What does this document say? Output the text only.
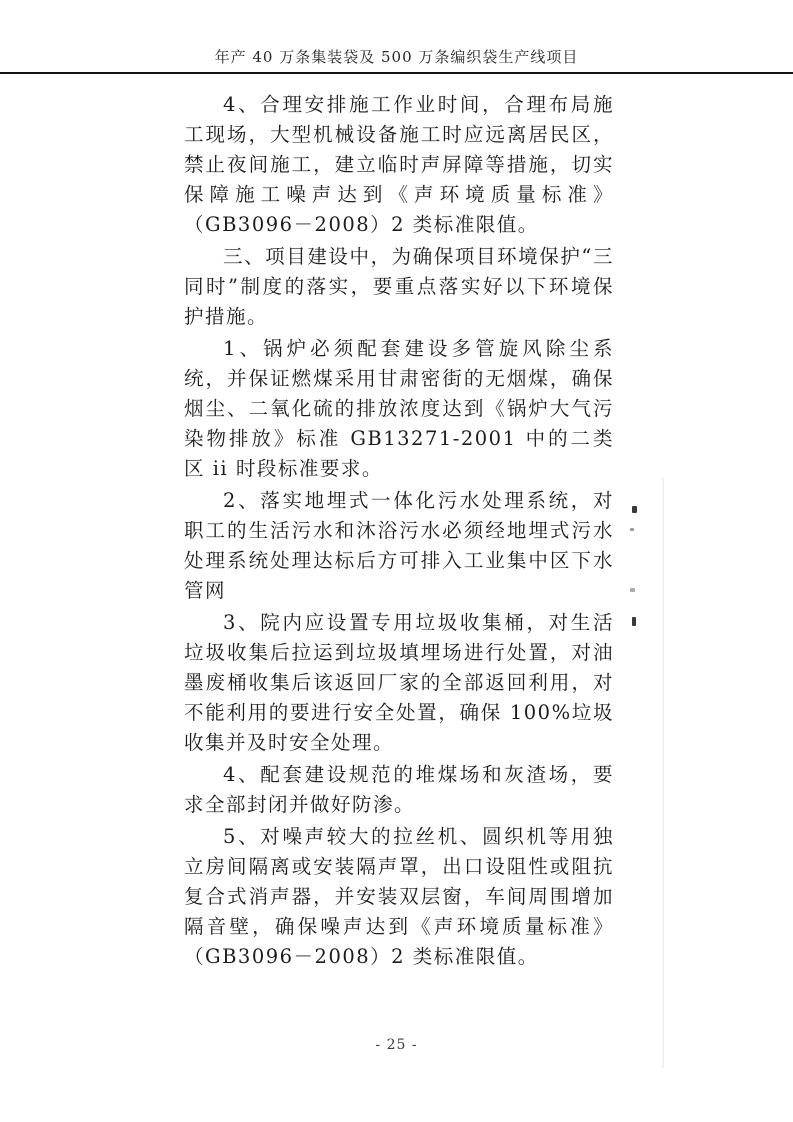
年产 40 万条集装袋及 500 万条编织袋生产线项目

4、合理安排施工作业时间，合理布局施工现场，大型机械设备施工时应远离居民区，禁止夜间施工，建立临时声屏障等措施，切实保障施工噪声达到《声环境质量标准》（GB3096－2008）2 类标准限值。

三、项目建设中，为确保项目环境保护“三同时”制度的落实，要重点落实好以下环境保护措施。

1、锅炉必须配套建设多管旋风除尘系统，并保证燃煤采用甘肃密街的无烟煤，确保烟尘、二氧化硫的排放浓度达到《锅炉大气污染物排放》标准 GB13271-2001 中的二类区 ii 时段标准要求。

2、落实地埋式一体化污水处理系统，对职工的生活污水和沐浴污水必须经地埋式污水处理系统处理达标后方可排入工业集中区下水管网

3、院内应设置专用垃圾收集桶，对生活垃圾收集后拉运到垃圾填埋场进行处置，对油墨废桶收集后该返回厂家的全部返回利用，对不能利用的要进行安全处置，确保 100%垃圾收集并及时安全处理。

4、配套建设规范的堆煤场和灰渣场，要求全部封闭并做好防渗。

5、对噪声较大的拉丝机、圆织机等用独立房间隔离或安装隔声罩，出口设阻性或阻抗复合式消声器，并安装双层窗，车间周围增加隔音壁，确保噪声达到《声环境质量标准》（GB3096－2008）2 类标准限值。

- 25 -
